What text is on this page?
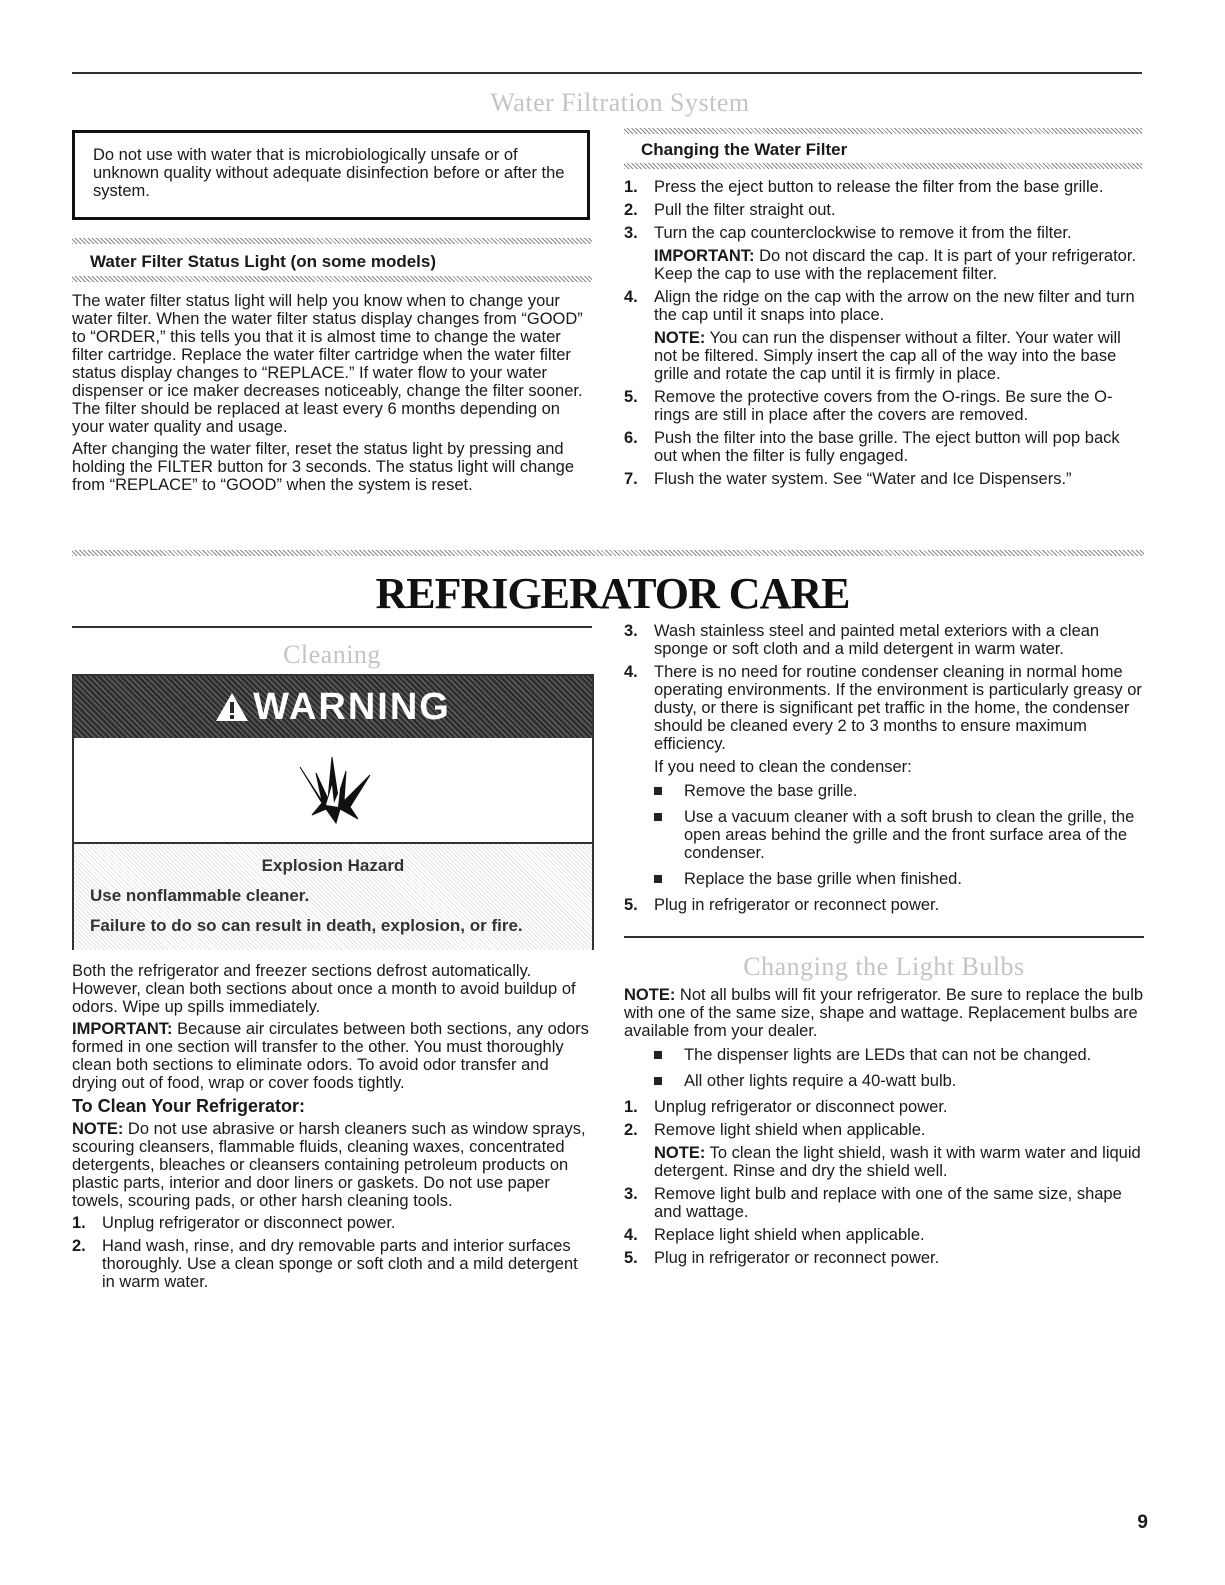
Water Filtration System

Do not use with water that is microbiologically unsafe or of unknown quality without adequate disinfection before or after the system.

Water Filter Status Light (on some models)

The water filter status light will help you know when to change your water filter. When the water filter status display changes from “GOOD” to “ORDER,” this tells you that it is almost time to change the water filter cartridge. Replace the water filter cartridge when the water filter status display changes to “REPLACE.” If water flow to your water dispenser or ice maker decreases noticeably, change the filter sooner. The filter should be replaced at least every 6 months depending on your water quality and usage.

After changing the water filter, reset the status light by pressing and holding the FILTER button for 3 seconds. The status light will change from “REPLACE” to “GOOD” when the system is reset.

Changing the Water Filter
1. Press the eject button to release the filter from the base grille.
2. Pull the filter straight out.
3. Turn the cap counterclockwise to remove it from the filter.
IMPORTANT: Do not discard the cap. It is part of your refrigerator. Keep the cap to use with the replacement filter.
4. Align the ridge on the cap with the arrow on the new filter and turn the cap until it snaps into place.
NOTE: You can run the dispenser without a filter. Your water will not be filtered. Simply insert the cap all of the way into the base grille and rotate the cap until it is firmly in place.
5. Remove the protective covers from the O-rings. Be sure the O-rings are still in place after the covers are removed.
6. Push the filter into the base grille. The eject button will pop back out when the filter is fully engaged.
7. Flush the water system. See “Water and Ice Dispensers.”
REFRIGERATOR CARE
Cleaning
WARNING
Explosion Hazard
Use nonflammable cleaner.
Failure to do so can result in death, explosion, or fire.

Both the refrigerator and freezer sections defrost automatically. However, clean both sections about once a month to avoid buildup of odors. Wipe up spills immediately.

IMPORTANT: Because air circulates between both sections, any odors formed in one section will transfer to the other. You must thoroughly clean both sections to eliminate odors. To avoid odor transfer and drying out of food, wrap or cover foods tightly.

To Clean Your Refrigerator:

NOTE: Do not use abrasive or harsh cleaners such as window sprays, scouring cleansers, flammable fluids, cleaning waxes, concentrated detergents, bleaches or cleansers containing petroleum products on plastic parts, interior and door liners or gaskets. Do not use paper towels, scouring pads, or other harsh cleaning tools.

1. Unplug refrigerator or disconnect power.
2. Hand wash, rinse, and dry removable parts and interior surfaces thoroughly. Use a clean sponge or soft cloth and a mild detergent in warm water.
3. Wash stainless steel and painted metal exteriors with a clean sponge or soft cloth and a mild detergent in warm water.
4. There is no need for routine condenser cleaning in normal home operating environments. If the environment is particularly greasy or dusty, or there is significant pet traffic in the home, the condenser should be cleaned every 2 to 3 months to ensure maximum efficiency.
If you need to clean the condenser:
Remove the base grille.
Use a vacuum cleaner with a soft brush to clean the grille, the open areas behind the grille and the front surface area of the condenser.
Replace the base grille when finished.
5. Plug in refrigerator or reconnect power.
Changing the Light Bulbs

NOTE: Not all bulbs will fit your refrigerator. Be sure to replace the bulb with one of the same size, shape and wattage. Replacement bulbs are available from your dealer.

The dispenser lights are LEDs that can not be changed.
All other lights require a 40-watt bulb.
1. Unplug refrigerator or disconnect power.
2. Remove light shield when applicable.
NOTE: To clean the light shield, wash it with warm water and liquid detergent. Rinse and dry the shield well.
3. Remove light bulb and replace with one of the same size, shape and wattage.
4. Replace light shield when applicable.
5. Plug in refrigerator or reconnect power.
9
